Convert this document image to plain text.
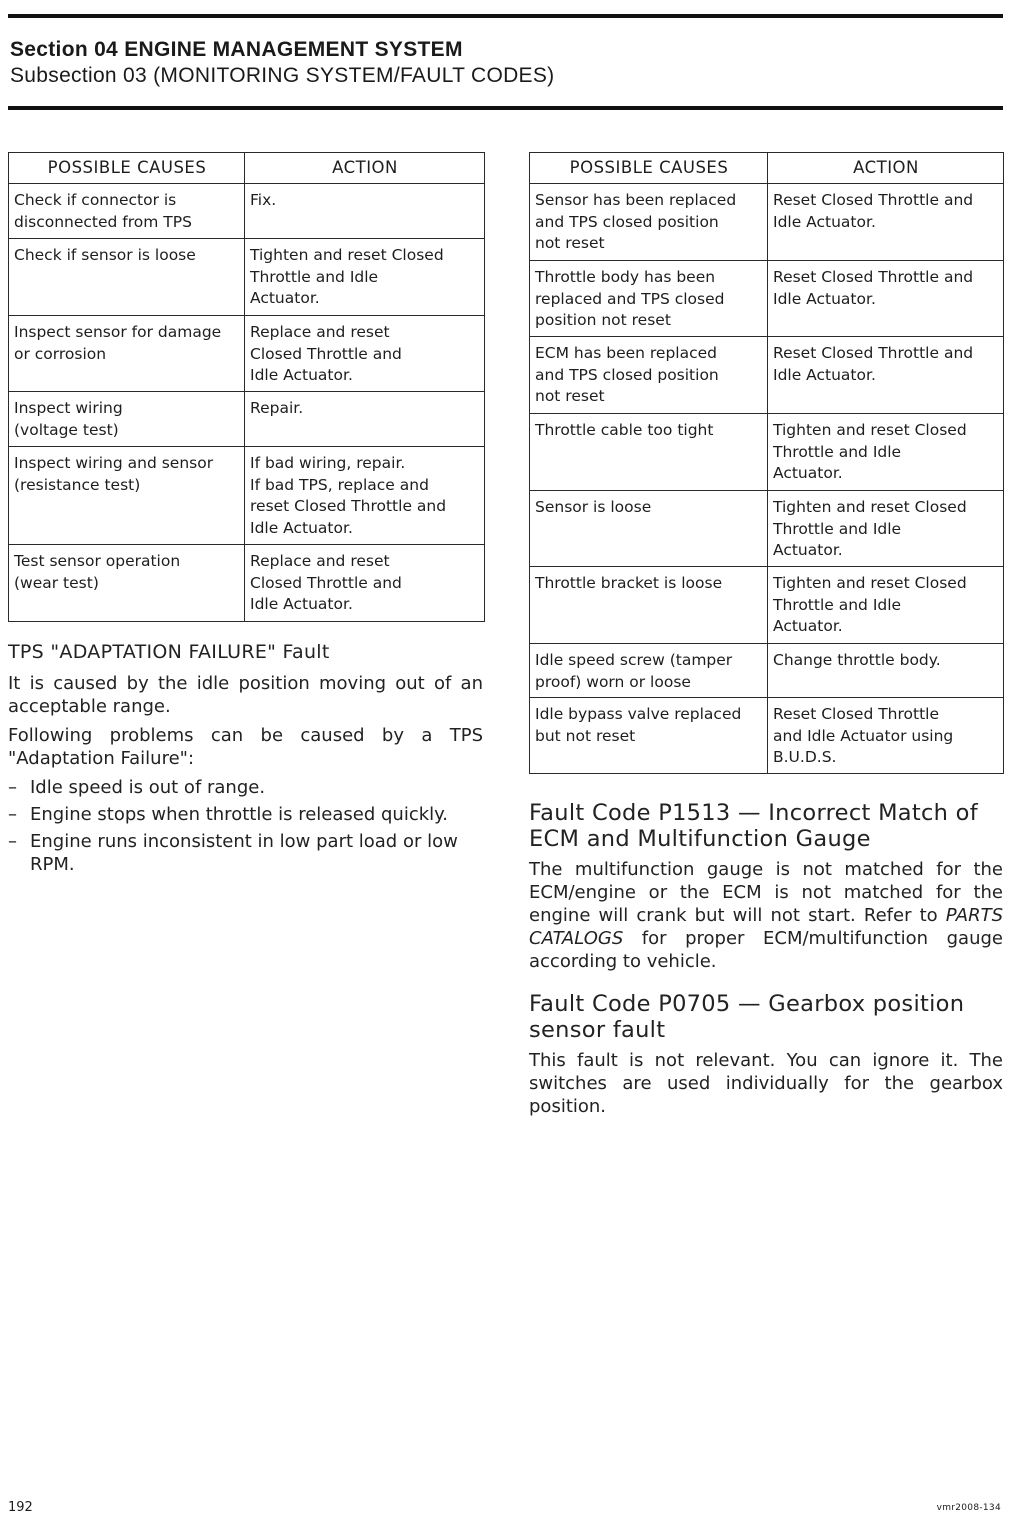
Section 04 ENGINE MANAGEMENT SYSTEM
Subsection 03 (MONITORING SYSTEM/FAULT CODES)
POSSIBLE CAUSES	ACTION

Check if connector is
disconnected from TPS	Fix.

Check if sensor is loose	Tighten and reset Closed
Throttle and Idle
Actuator.

Inspect sensor for damage
or corrosion	Replace and reset
Closed Throttle and
Idle Actuator.

Inspect wiring
(voltage test)	Repair.

Inspect wiring and sensor
(resistance test)	If bad wiring, repair.
If bad TPS, replace and
reset Closed Throttle and
Idle Actuator.

Test sensor operation
(wear test)	Replace and reset
Closed Throttle and
Idle Actuator.
TPS "ADAPTATION FAILURE" Fault

It is caused by the idle position moving out of an acceptable range.

Following problems can be caused by a TPS "Adaptation Failure":

– Idle speed is out of range.
– Engine stops when throttle is released quickly.
– Engine runs inconsistent in low part load or low RPM.
POSSIBLE CAUSES	ACTION

Sensor has been replaced
and TPS closed position
not reset	Reset Closed Throttle and
Idle Actuator.

Throttle body has been
replaced and TPS closed
position not reset	Reset Closed Throttle and
Idle Actuator.

ECM has been replaced
and TPS closed position
not reset	Reset Closed Throttle and
Idle Actuator.

Throttle cable too tight	Tighten and reset Closed
Throttle and Idle
Actuator.

Sensor is loose	Tighten and reset Closed
Throttle and Idle
Actuator.

Throttle bracket is loose	Tighten and reset Closed
Throttle and Idle
Actuator.

Idle speed screw (tamper
proof) worn or loose	Change throttle body.

Idle bypass valve replaced
but not reset	Reset Closed Throttle
and Idle Actuator using
B.U.D.S.
Fault Code P1513 — Incorrect Match of ECM and Multifunction Gauge

The multifunction gauge is not matched for the ECM/engine or the ECM is not matched for the engine will crank but will not start. Refer to PARTS CATALOGS for proper ECM/multifunction gauge according to vehicle.

Fault Code P0705 — Gearbox position sensor fault

This fault is not relevant. You can ignore it. The switches are used individually for the gearbox position.

192	vmr2008-134
